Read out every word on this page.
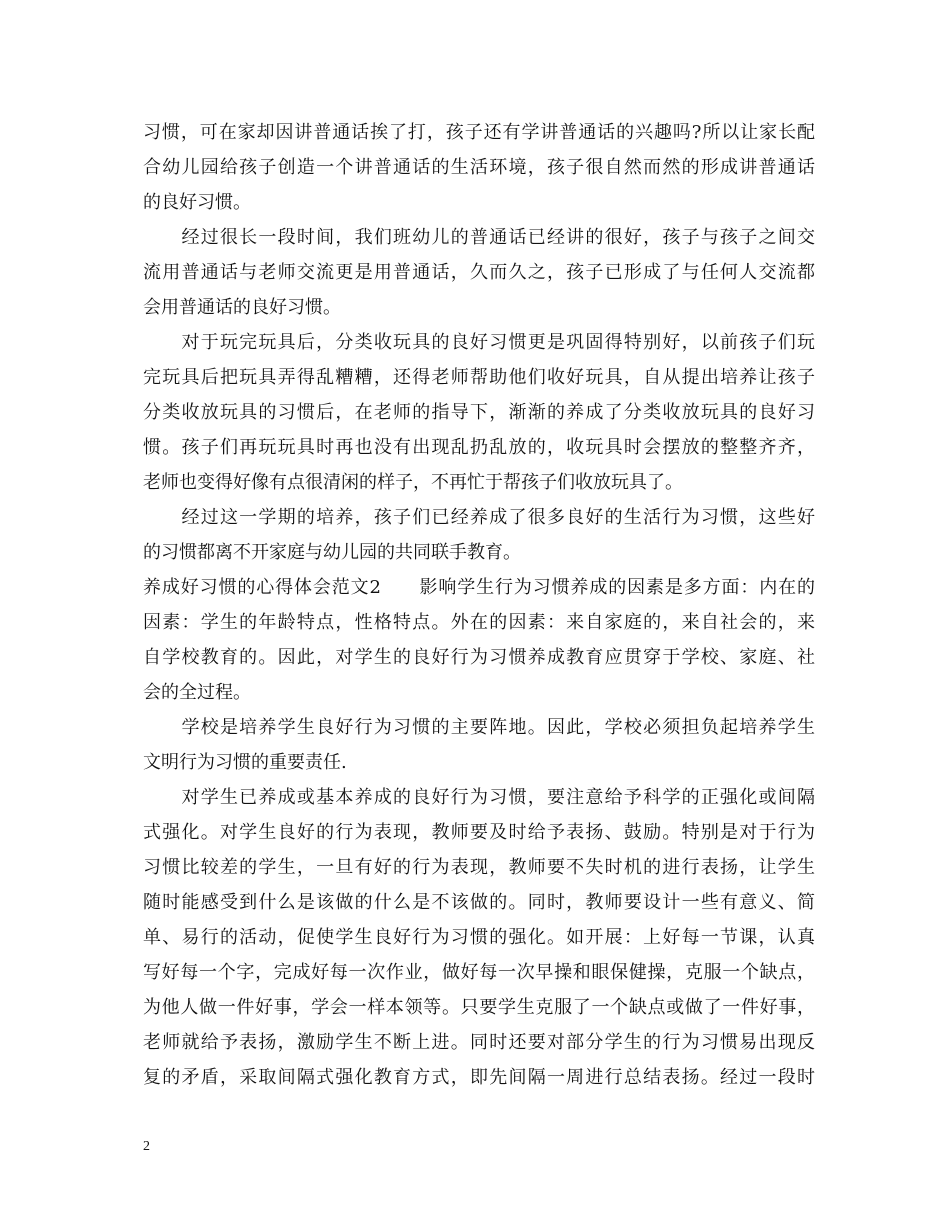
习惯，可在家却因讲普通话挨了打，孩子还有学讲普通话的兴趣吗?所以让家长配
合幼儿园给孩子创造一个讲普通话的生活环境，孩子很自然而然的形成讲普通话
的良好习惯。
　　经过很长一段时间，我们班幼儿的普通话已经讲的很好，孩子与孩子之间交
流用普通话与老师交流更是用普通话，久而久之，孩子已形成了与任何人交流都
会用普通话的良好习惯。
　　对于玩完玩具后，分类收玩具的良好习惯更是巩固得特别好，以前孩子们玩
完玩具后把玩具弄得乱糟糟，还得老师帮助他们收好玩具，自从提出培养让孩子
分类收放玩具的习惯后，在老师的指导下，渐渐的养成了分类收放玩具的良好习
惯。孩子们再玩玩具时再也没有出现乱扔乱放的，收玩具时会摆放的整整齐齐，
老师也变得好像有点很清闲的样子，不再忙于帮孩子们收放玩具了。
　　经过这一学期的培养，孩子们已经养成了很多良好的生活行为习惯，这些好
的习惯都离不开家庭与幼儿园的共同联手教育。
养成好习惯的心得体会范文2　　影响学生行为习惯养成的因素是多方面：内在的
因素：学生的年龄特点，性格特点。外在的因素：来自家庭的，来自社会的，来
自学校教育的。因此，对学生的良好行为习惯养成教育应贯穿于学校、家庭、社
会的全过程。
　　学校是培养学生良好行为习惯的主要阵地。因此，学校必须担负起培养学生
文明行为习惯的重要责任.
　　对学生已养成或基本养成的良好行为习惯，要注意给予科学的正强化或间隔
式强化。对学生良好的行为表现，教师要及时给予表扬、鼓励。特别是对于行为
习惯比较差的学生，一旦有好的行为表现，教师要不失时机的进行表扬，让学生
随时能感受到什么是该做的什么是不该做的。同时，教师要设计一些有意义、简
单、易行的活动，促使学生良好行为习惯的强化。如开展：上好每一节课，认真
写好每一个字，完成好每一次作业，做好每一次早操和眼保健操，克服一个缺点，
为他人做一件好事，学会一样本领等。只要学生克服了一个缺点或做了一件好事，
老师就给予表扬，激励学生不断上进。同时还要对部分学生的行为习惯易出现反
复的矛盾，采取间隔式强化教育方式，即先间隔一周进行总结表扬。经过一段时
2
